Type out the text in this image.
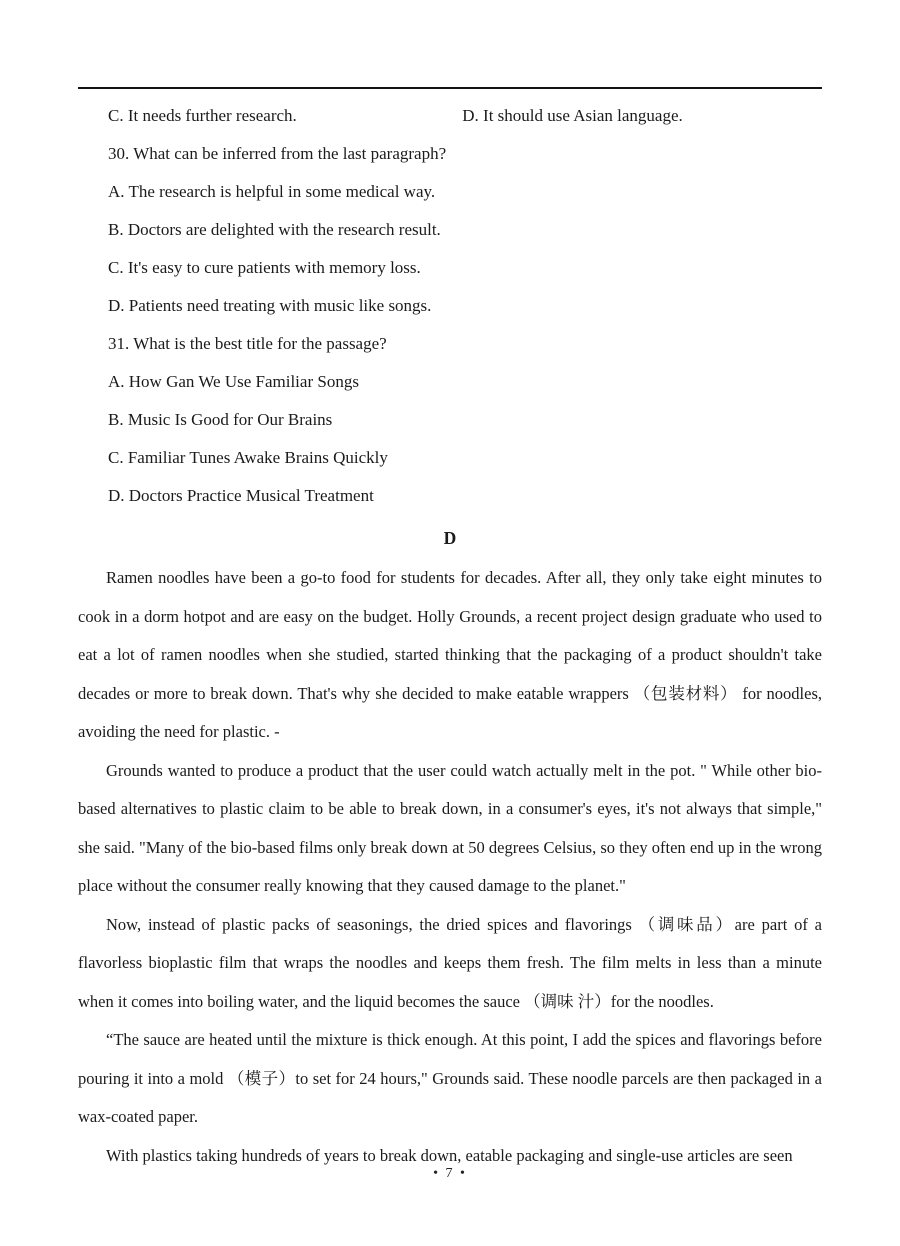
C. It needs further research.	D. It should use Asian language.
30. What can be inferred from the last paragraph?
A. The research is helpful in some medical way.
B. Doctors are delighted with the research result.
C. It's easy to cure patients with memory loss.
D. Patients need treating with music like songs.
31. What is the best title for the passage?
A. How Gan We Use Familiar Songs
B. Music Is Good for Our Brains
C. Familiar Tunes Awake Brains Quickly
D. Doctors Practice Musical Treatment
D

Ramen noodles have been a go-to food for students for decades. After all, they only take eight minutes to cook in a dorm hotpot and are easy on the budget. Holly Grounds, a recent project design graduate who used to eat a lot of ramen noodles when she studied, started thinking that the packaging of a product shouldn't take decades or more to break down. That's why she decided to make eatable wrappers （包装材料） for noodles, avoiding the need for plastic. -

Grounds wanted to produce a product that the user could watch actually melt in the pot. " While other bio-based alternatives to plastic claim to be able to break down, in a consumer's eyes, it's not always that simple," she said. "Many of the bio-based films only break down at 50 degrees Celsius, so they often end up in the wrong place without the consumer really knowing that they caused damage to the planet."

Now, instead of plastic packs of seasonings, the dried spices and flavorings （调味品）are part of a flavorless bioplastic film that wraps the noodles and keeps them fresh. The film melts in less than a minute when it comes into boiling water, and the liquid becomes the sauce （调味 汁）for the noodles.

“The sauce are heated until the mixture is thick enough. At this point, I add the spices and flavorings before pouring it into a mold （模子）to set for 24 hours," Grounds said. These noodle parcels are then packaged in a wax-coated paper.

With plastics taking hundreds of years to break down, eatable packaging and single-use articles are seen

• 7 •
